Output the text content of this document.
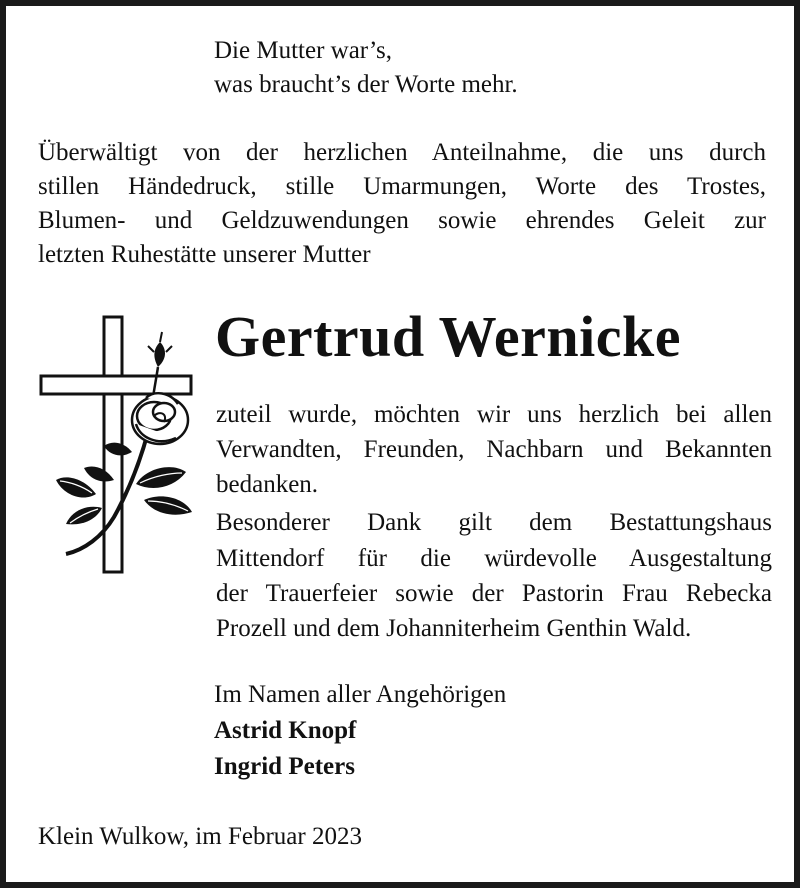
Die Mutter war’s,
was braucht’s der Worte mehr.
Überwältigt von der herzlichen Anteilnahme, die uns durch
stillen Händedruck, stille Umarmungen, Worte des Trostes,
Blumen- und Geldzuwendungen sowie ehrendes Geleit zur
letzten Ruhestätte unserer Mutter
Gertrud Wernicke
zuteil wurde, möchten wir uns herzlich bei allen
Verwandten, Freunden, Nachbarn und Bekannten
bedanken.
Besonderer Dank gilt dem Bestattungshaus
Mittendorf für die würdevolle Ausgestaltung
der Trauerfeier sowie der Pastorin Frau Rebecka
Prozell und dem Johanniterheim Genthin Wald.
Im Namen aller Angehörigen
Astrid Knopf
Ingrid Peters
Klein Wulkow, im Februar 2023
